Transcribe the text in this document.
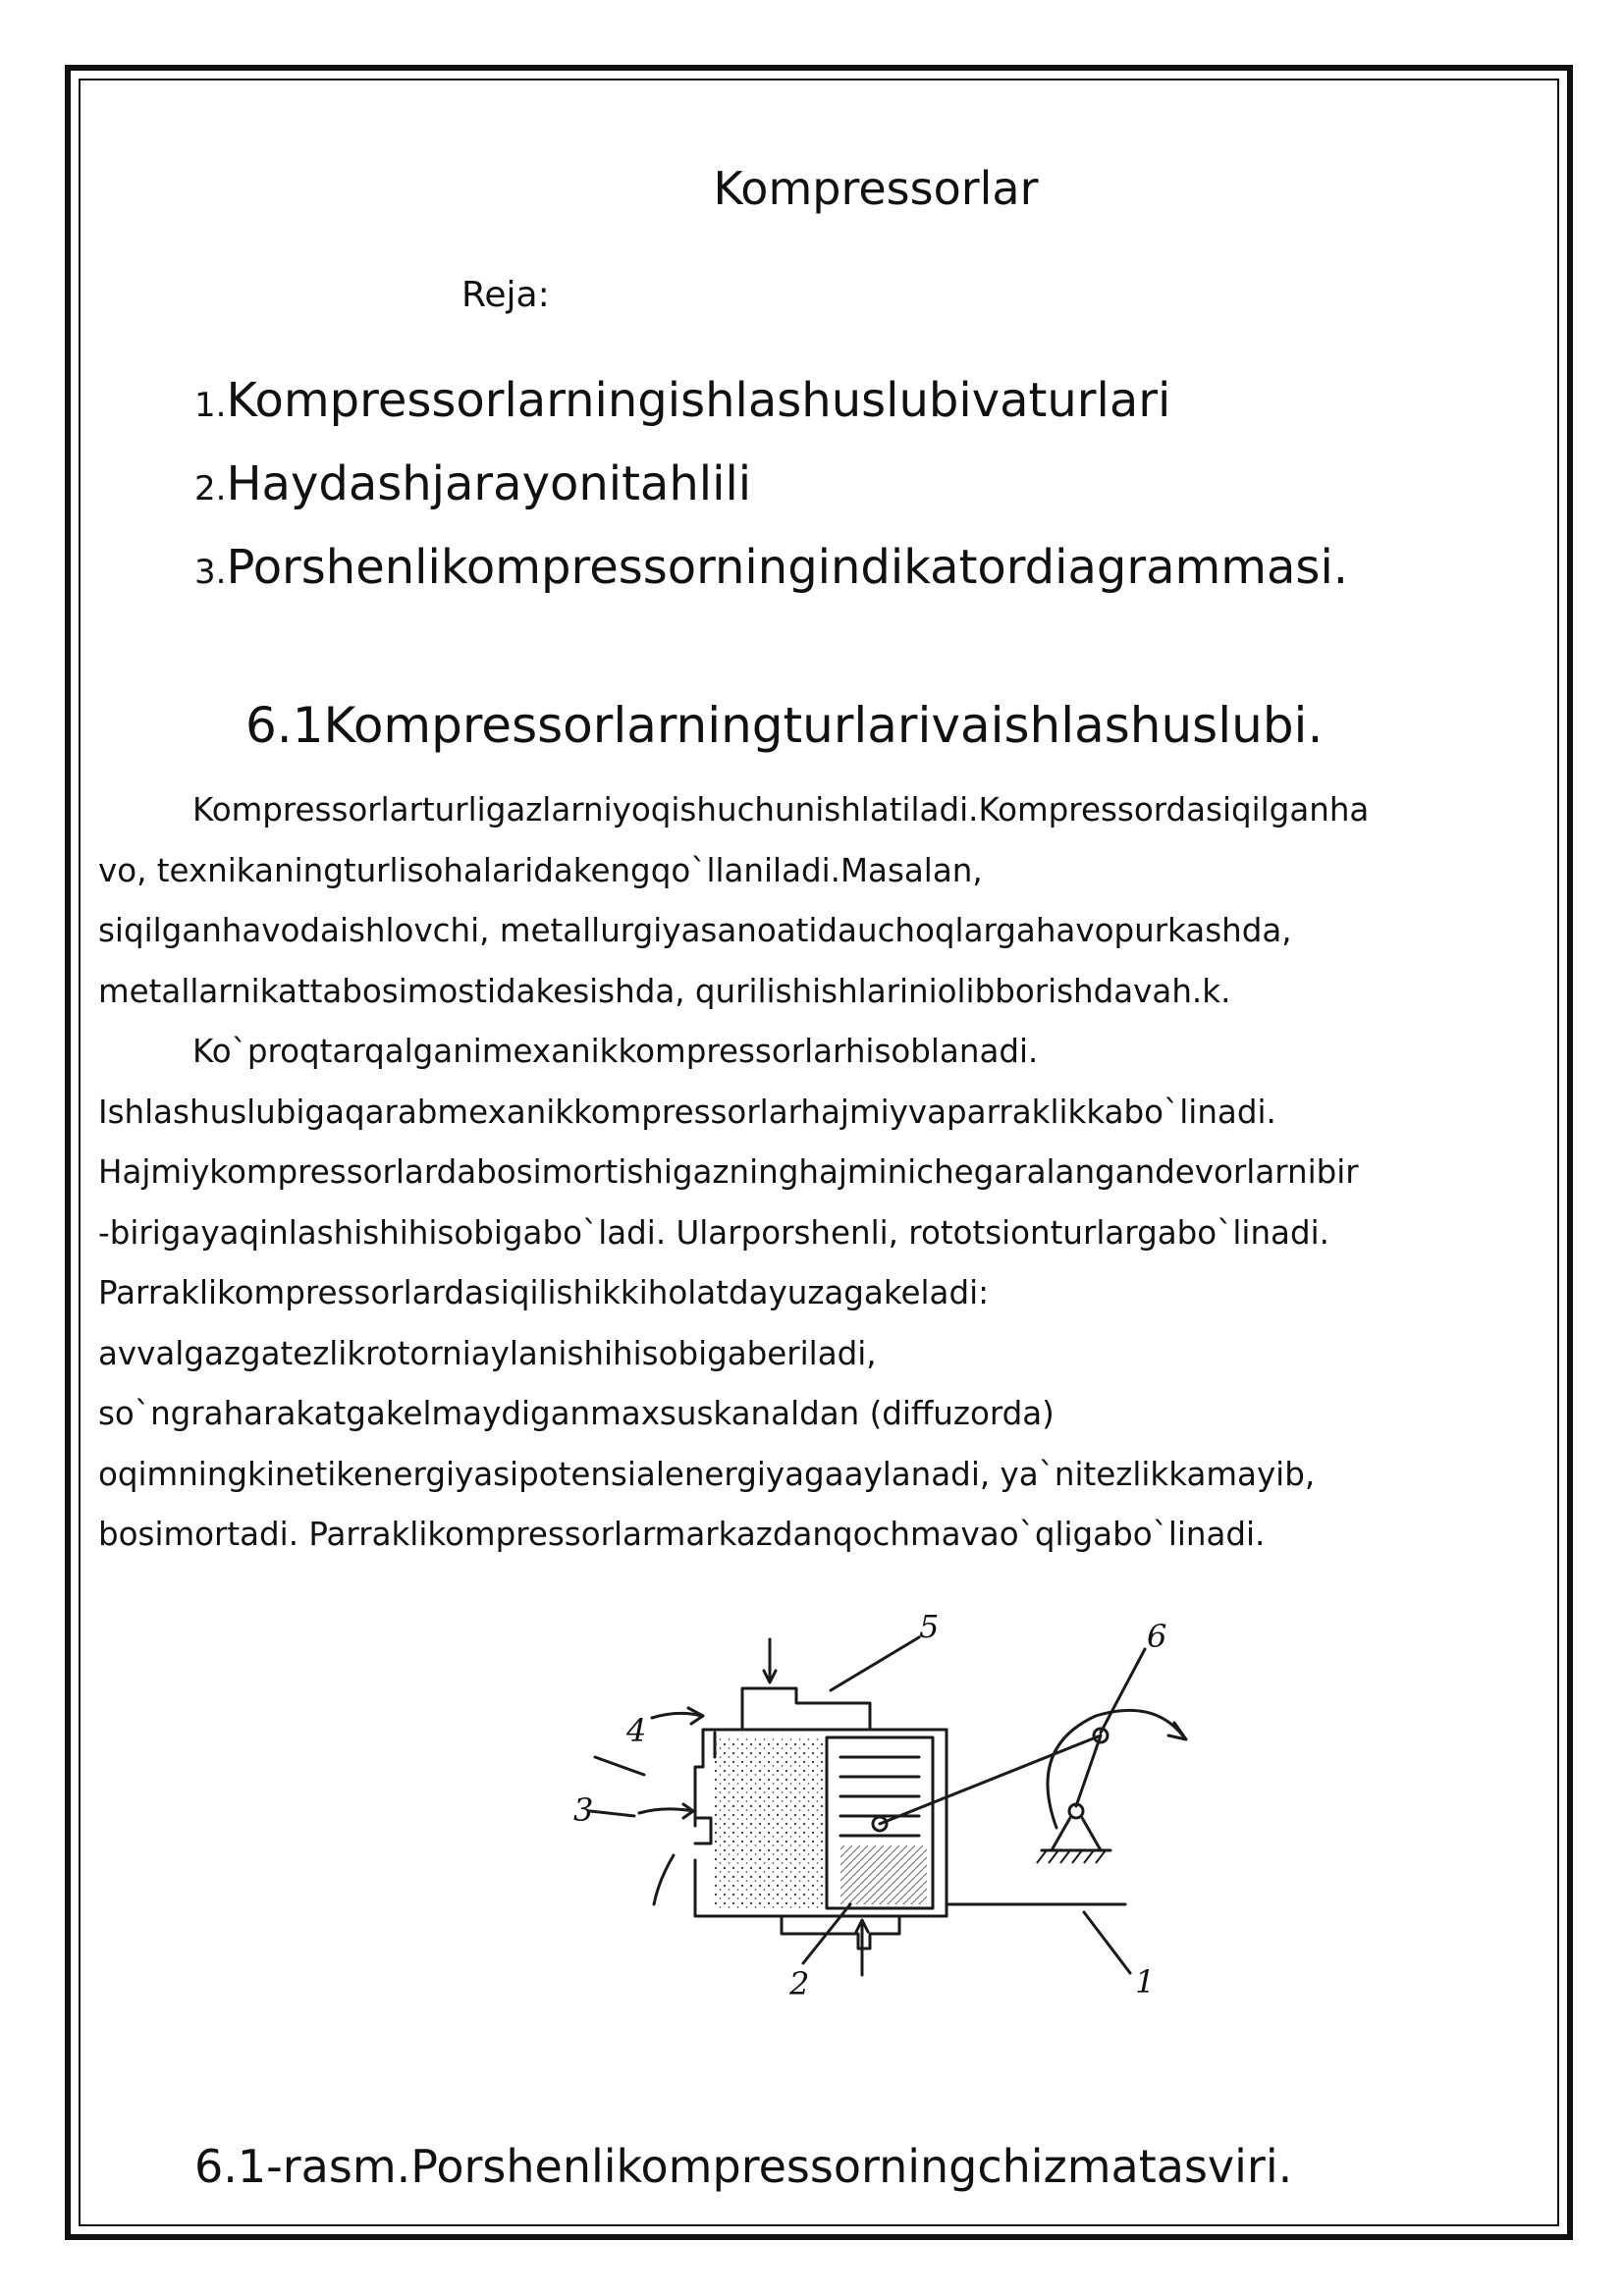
Kompressorlar
Reja:
1.Kompressorlarningishlashuslubivaturlari
2.Haydashjarayonitahlili
3.Porshenlikompressorningindikatordiagrammasi.
6.1Kompressorlarningturlarivaishlashuslubi.
Kompressorlarturligazlarniyoqishuchunishlatiladi.Kompressordasiqilganha
vo, texnikaningturlisohalaridakengqo`llaniladi.Masalan,
siqilganhavodaishlovchi, metallurgiyasanoatidauchoqlargahavopurkashda,
metallarnikattabosimostidakesishda, qurilishishlariniolibborishdavah.k.
Ko`proqtarqalganimexanikkompressorlarhisoblanadi.
Ishlashuslubigaqarabmexanikkompressorlarhajmiyvaparraklikkabo`linadi.
Hajmiykompressorlardabosimortishigazninghajminichegaralangandevorlarnibir
-birigayaqinlashishihisobigabo`ladi. Ularporshenli, rototsionturlargabo`linadi.
Parraklikompressorlardasiqilishikkiholatdayuzagakeladi:
avvalgazgatezlikrotorniaylanishihisobigaberiladi,
so`ngraharakatgakelmaydiganmaxsuskanaldan (diffuzorda)
oqimningkinetikenergiyasipotensialenergiyagaaylanadi, ya`nitezlikkamayib,
bosimortadi. Parraklikompressorlarmarkazdanqochmavao`qligabo`linadi.
4
5	6
3
2	1
6.1-rasm.Porshenlikompressorningchizmatasviri.
